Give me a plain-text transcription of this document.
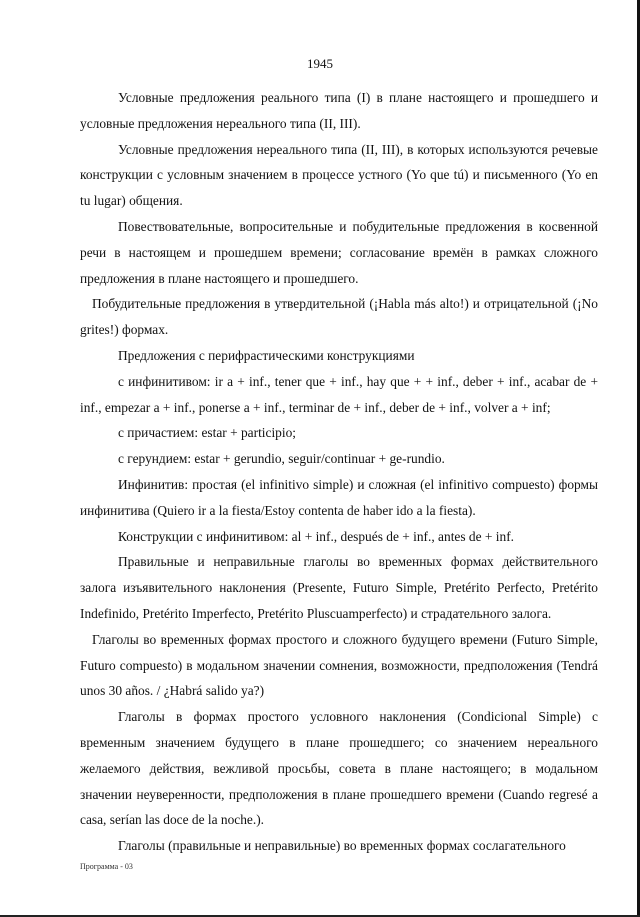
1945

Условные предложения реального типа (I) в плане настоящего и прошедшего и условные предложения нереального типа (II, III).

Условные предложения нереального типа (II, III), в которых используются речевые конструкции с условным значением в процессе устного (Yo que tú) и письменного (Yo en tu lugar) общения.

Повествовательные, вопросительные и побудительные предложения в косвенной речи в настоящем и прошедшем времени; согласование времён в рамках сложного предложения в плане настоящего и прошедшего.

Побудительные предложения в утвердительной (¡Habla más alto!) и отрицательной (¡No grites!) формах.

Предложения с перифрастическими конструкциями

с инфинитивом: ir a + inf., tener que + inf., hay que + + inf., deber + inf., acabar de + inf., empezar a + inf., ponerse a + inf., terminar de + inf., deber de + inf., volver a + inf;

с причастием: estar + participio;

с герундием: estar + gerundio, seguir/continuar + ge-rundio.

Инфинитив: простая (el infinitivo simple) и сложная (el infinitivo compuesto) формы инфинитива (Quiero ir a la fiesta/Estoy contenta de haber ido a la fiesta).

Конструкции с инфинитивом: al + inf., después de + inf., antes de + inf.

Правильные и неправильные глаголы во временных формах действительного залога изъявительного наклонения (Presente, Futuro Simple, Pretérito Perfecto, Pretérito Indefinido, Pretérito Imperfecto, Pretérito Pluscuamperfecto) и страдательного залога.

Глаголы во временных формах простого и сложного будущего времени (Futuro Simple, Futuro compuesto) в модальном значении сомнения, возможности, предположения (Tendrá unos 30 años. / ¿Habrá salido ya?)

Глаголы в формах простого условного наклонения (Condicional Simple) с временным значением будущего в плане прошедшего; со значением нереального желаемого действия, вежливой просьбы, совета в плане настоящего; в модальном значении неуверенности, предположения в плане прошедшего времени (Cuando regresé a casa, serían las doce de la noche.).

Глаголы (правильные и неправильные) во временных формах сослагательного

Программа - 03
